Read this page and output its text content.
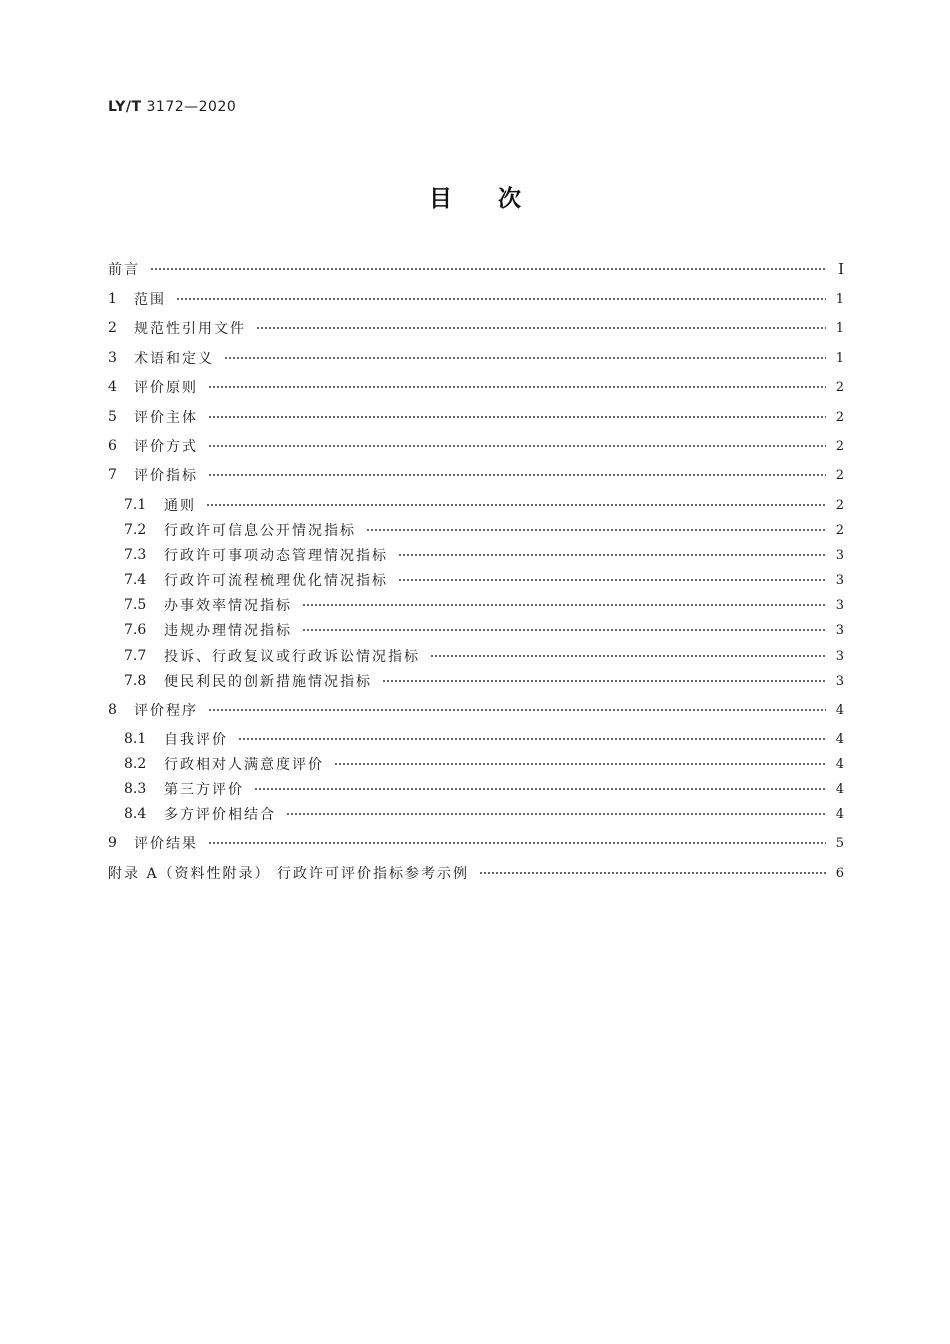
LY/T 3172—2020
目 次
前言	Ⅰ
1	范围	1
2	规范性引用文件	1
3	术语和定义	1
4	评价原则	2
5	评价主体	2
6	评价方式	2
7	评价指标	2
7.1	通则	2
7.2	行政许可信息公开情况指标	2
7.3	行政许可事项动态管理情况指标	3
7.4	行政许可流程梳理优化情况指标	3
7.5	办事效率情况指标	3
7.6	违规办理情况指标	3
7.7	投诉、行政复议或行政诉讼情况指标	3
7.8	便民利民的创新措施情况指标	3
8	评价程序	4
8.1	自我评价	4
8.2	行政相对人满意度评价	4
8.3	第三方评价	4
8.4	多方评价相结合	4
9	评价结果	5
附录 A（资料性附录） 行政许可评价指标参考示例	6
